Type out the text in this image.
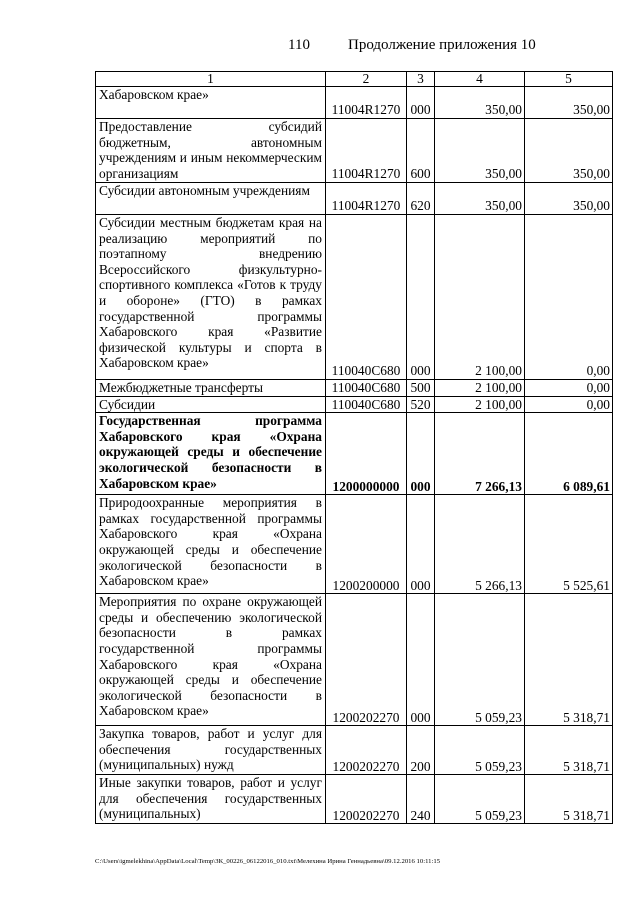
110	Продолжение приложения 10
1	2	3	4	5
Хабаровском крае»	11004R1270	000	350,00	350,00
Предоставление субсидий бюджетным, автономным учреждениям и иным некоммерческим организациям	11004R1270	600	350,00	350,00
Субсидии автономным учреждениям	11004R1270	620	350,00	350,00
Субсидии местным бюджетам края на реализацию мероприятий по поэтапному внедрению Всероссийского физкультурно-спортивного комплекса «Готов к труду и обороне» (ГТО) в рамках государственной программы Хабаровского края «Развитие физической культуры и спорта в Хабаровском крае»	110040С680	000	2 100,00	0,00
Межбюджетные трансферты	110040С680	500	2 100,00	0,00
Субсидии	110040С680	520	2 100,00	0,00
Государственная программа Хабаровского края «Охрана окружающей среды и обеспечение экологической безопасности в Хабаровском крае»	1200000000	000	7 266,13	6 089,61
Природоохранные мероприятия в рамках государственной программы Хабаровского края «Охрана окружающей среды и обеспечение экологической безопасности в Хабаровском крае»	1200200000	000	5 266,13	5 525,61
Мероприятия по охране окружающей среды и обеспечению экологической безопасности в рамках государственной программы Хабаровского края «Охрана окружающей среды и обеспечение экологической безопасности в Хабаровском крае»	1200202270	000	5 059,23	5 318,71
Закупка товаров, работ и услуг для обеспечения государственных (муниципальных) нужд	1200202270	200	5 059,23	5 318,71
Иные закупки товаров, работ и услуг для обеспечения государственных (муниципальных)	1200202270	240	5 059,23	5 318,71
C:\Users\igmelekhina\AppData\Local\Temp\ЗК_00226_06122016_010.txt\Мелехина Ирина Геннадьевна\09.12.2016 10:11:15
